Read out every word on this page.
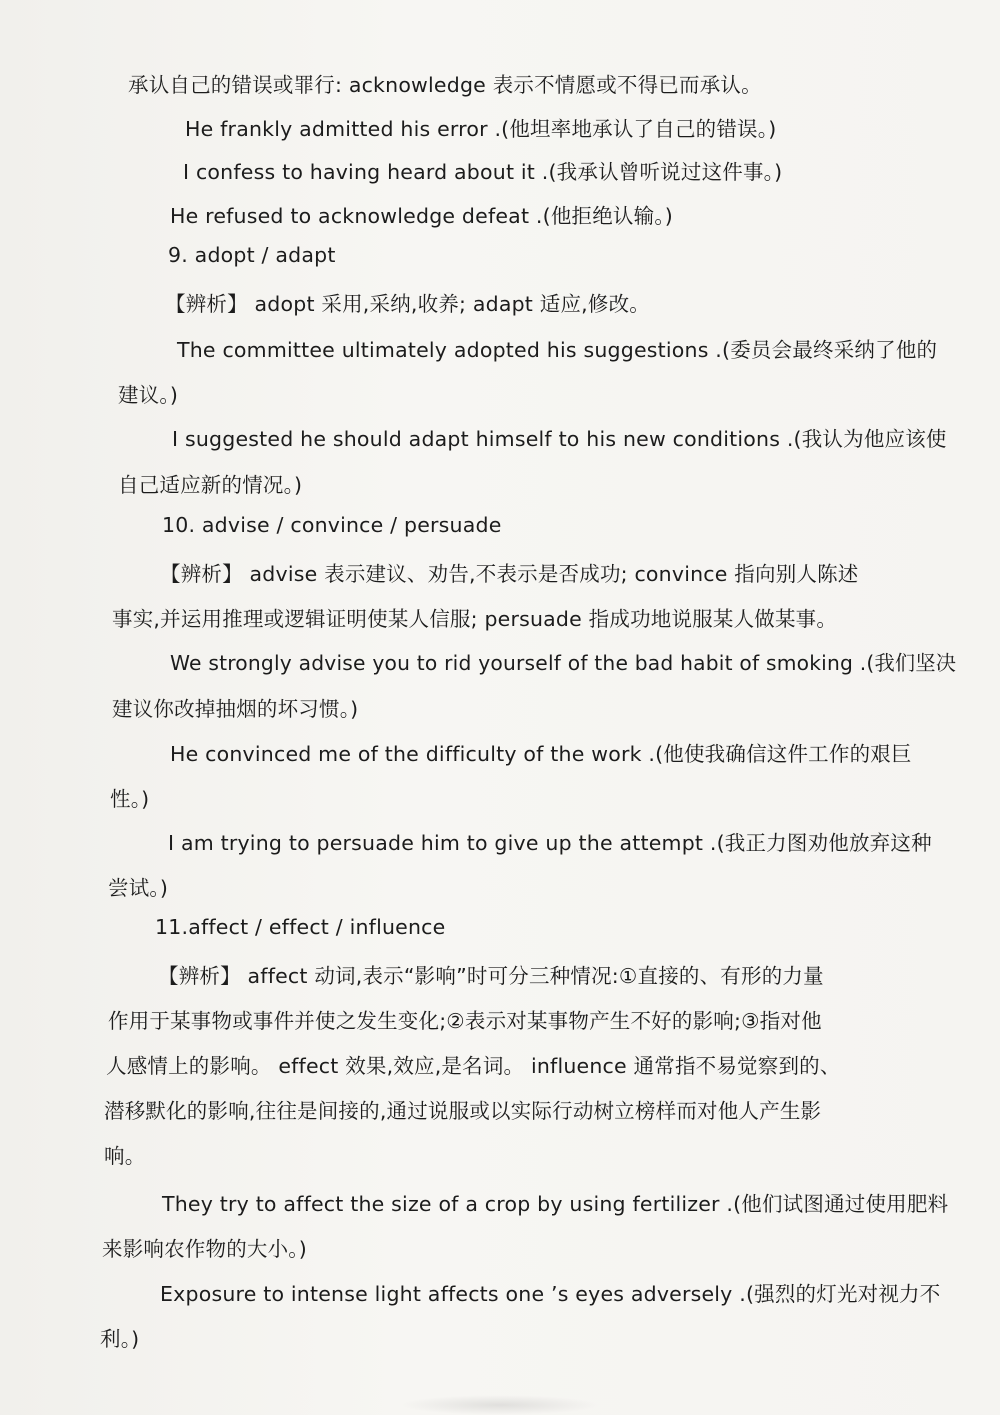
承认自己的错误或罪行: acknowledge 表示不情愿或不得已而承认。
He frankly admitted his error .(他坦率地承认了自己的错误。)
I confess to having heard about it .(我承认曾听说过这件事。)
He refused to acknowledge defeat .(他拒绝认输。)
9. adopt / adapt
【辨析】 adopt 采用,采纳,收养; adapt 适应,修改。
The committee ultimately adopted his suggestions .(委员会最终采纳了他的
建议。)
I suggested he should adapt himself to his new conditions .(我认为他应该使
自己适应新的情况。)
10. advise / convince / persuade
【辨析】 advise 表示建议、劝告,不表示是否成功; convince 指向别人陈述
事实,并运用推理或逻辑证明使某人信服; persuade 指成功地说服某人做某事。
We strongly advise you to rid yourself of the bad habit of smoking .(我们坚决
建议你改掉抽烟的坏习惯。)
He convinced me of the difficulty of the work .(他使我确信这件工作的艰巨
性。)
I am trying to persuade him to give up the attempt .(我正力图劝他放弃这种
尝试。)
11.affect / effect / influence
【辨析】 affect 动词,表示“影响”时可分三种情况:①直接的、有形的力量
作用于某事物或事件并使之发生变化;②表示对某事物产生不好的影响;③指对他
人感情上的影响。 effect 效果,效应,是名词。 influence 通常指不易觉察到的、
潜移默化的影响,往往是间接的,通过说服或以实际行动树立榜样而对他人产生影
响。
They try to affect the size of a crop by using fertilizer .(他们试图通过使用肥料
来影响农作物的大小。)
Exposure to intense light affects one ’s eyes adversely .(强烈的灯光对视力不
利。)
